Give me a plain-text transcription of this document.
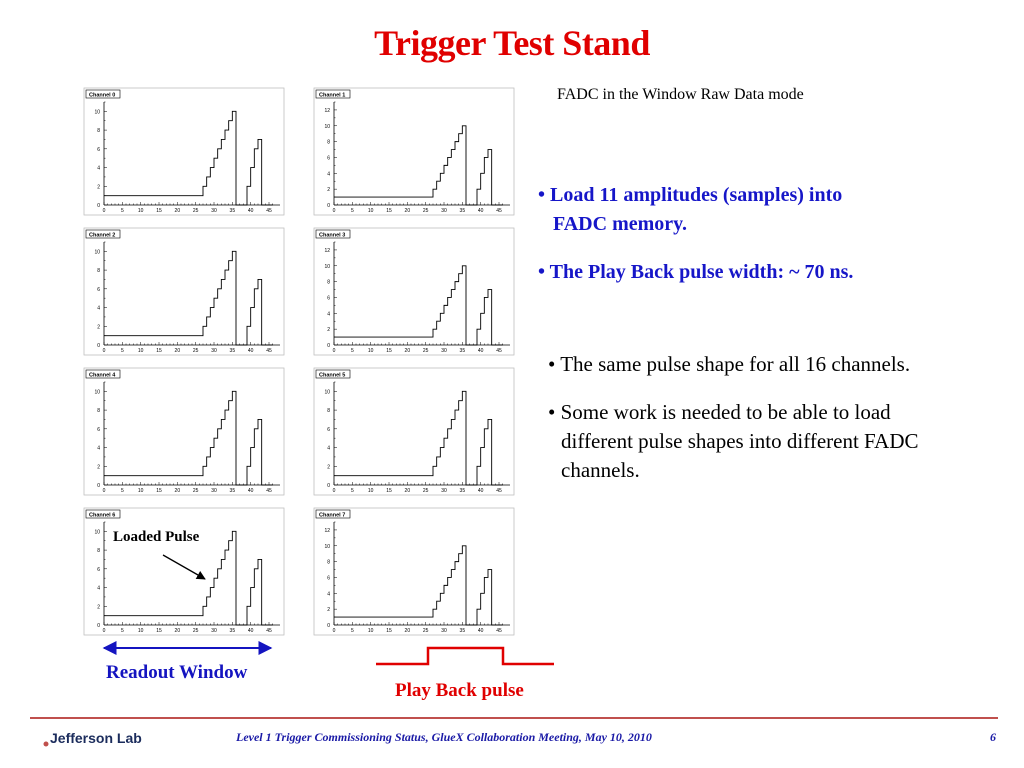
Trigger Test Stand
FADC in the Window Raw Data mode
• Load 11 amplitudes (samples) into
FADC memory.
• The Play Back pulse width: ~ 70 ns.
• The same pulse shape for all 16 channels.
• Some work is needed to be able to load
different pulse shapes into different FADC
channels.
Channel 0
0	5	10	15	20	25	30	35	40	45
0
2
4
6
8
10
Channel 1
0	5	10	15	20	25	30	35	40	45
0
2
4
6
8
10
12
Channel 2
0	5	10	15	20	25	30	35	40	45
0
2
4
6
8
10
Channel 3
0	5	10	15	20	25	30	35	40	45
0
2
4
6
8
10
12
Channel 4
0	5	10	15	20	25	30	35	40	45
0
2
4
6
8
10
Channel 5
0	5	10	15	20	25	30	35	40	45
0
2
4
6
8
10
Channel 6
0	5	10	15	20	25	30	35	40	45
0
2
4
6
8
10
Channel 7
0	5	10	15	20	25	30	35	40	45
0
2
4
6
8
10
12
Loaded Pulse
Readout Window
Play Back pulse
Jefferson Lab	Level 1 Trigger Commissioning Status, GlueX Collaboration Meeting, May 10, 2010	6
